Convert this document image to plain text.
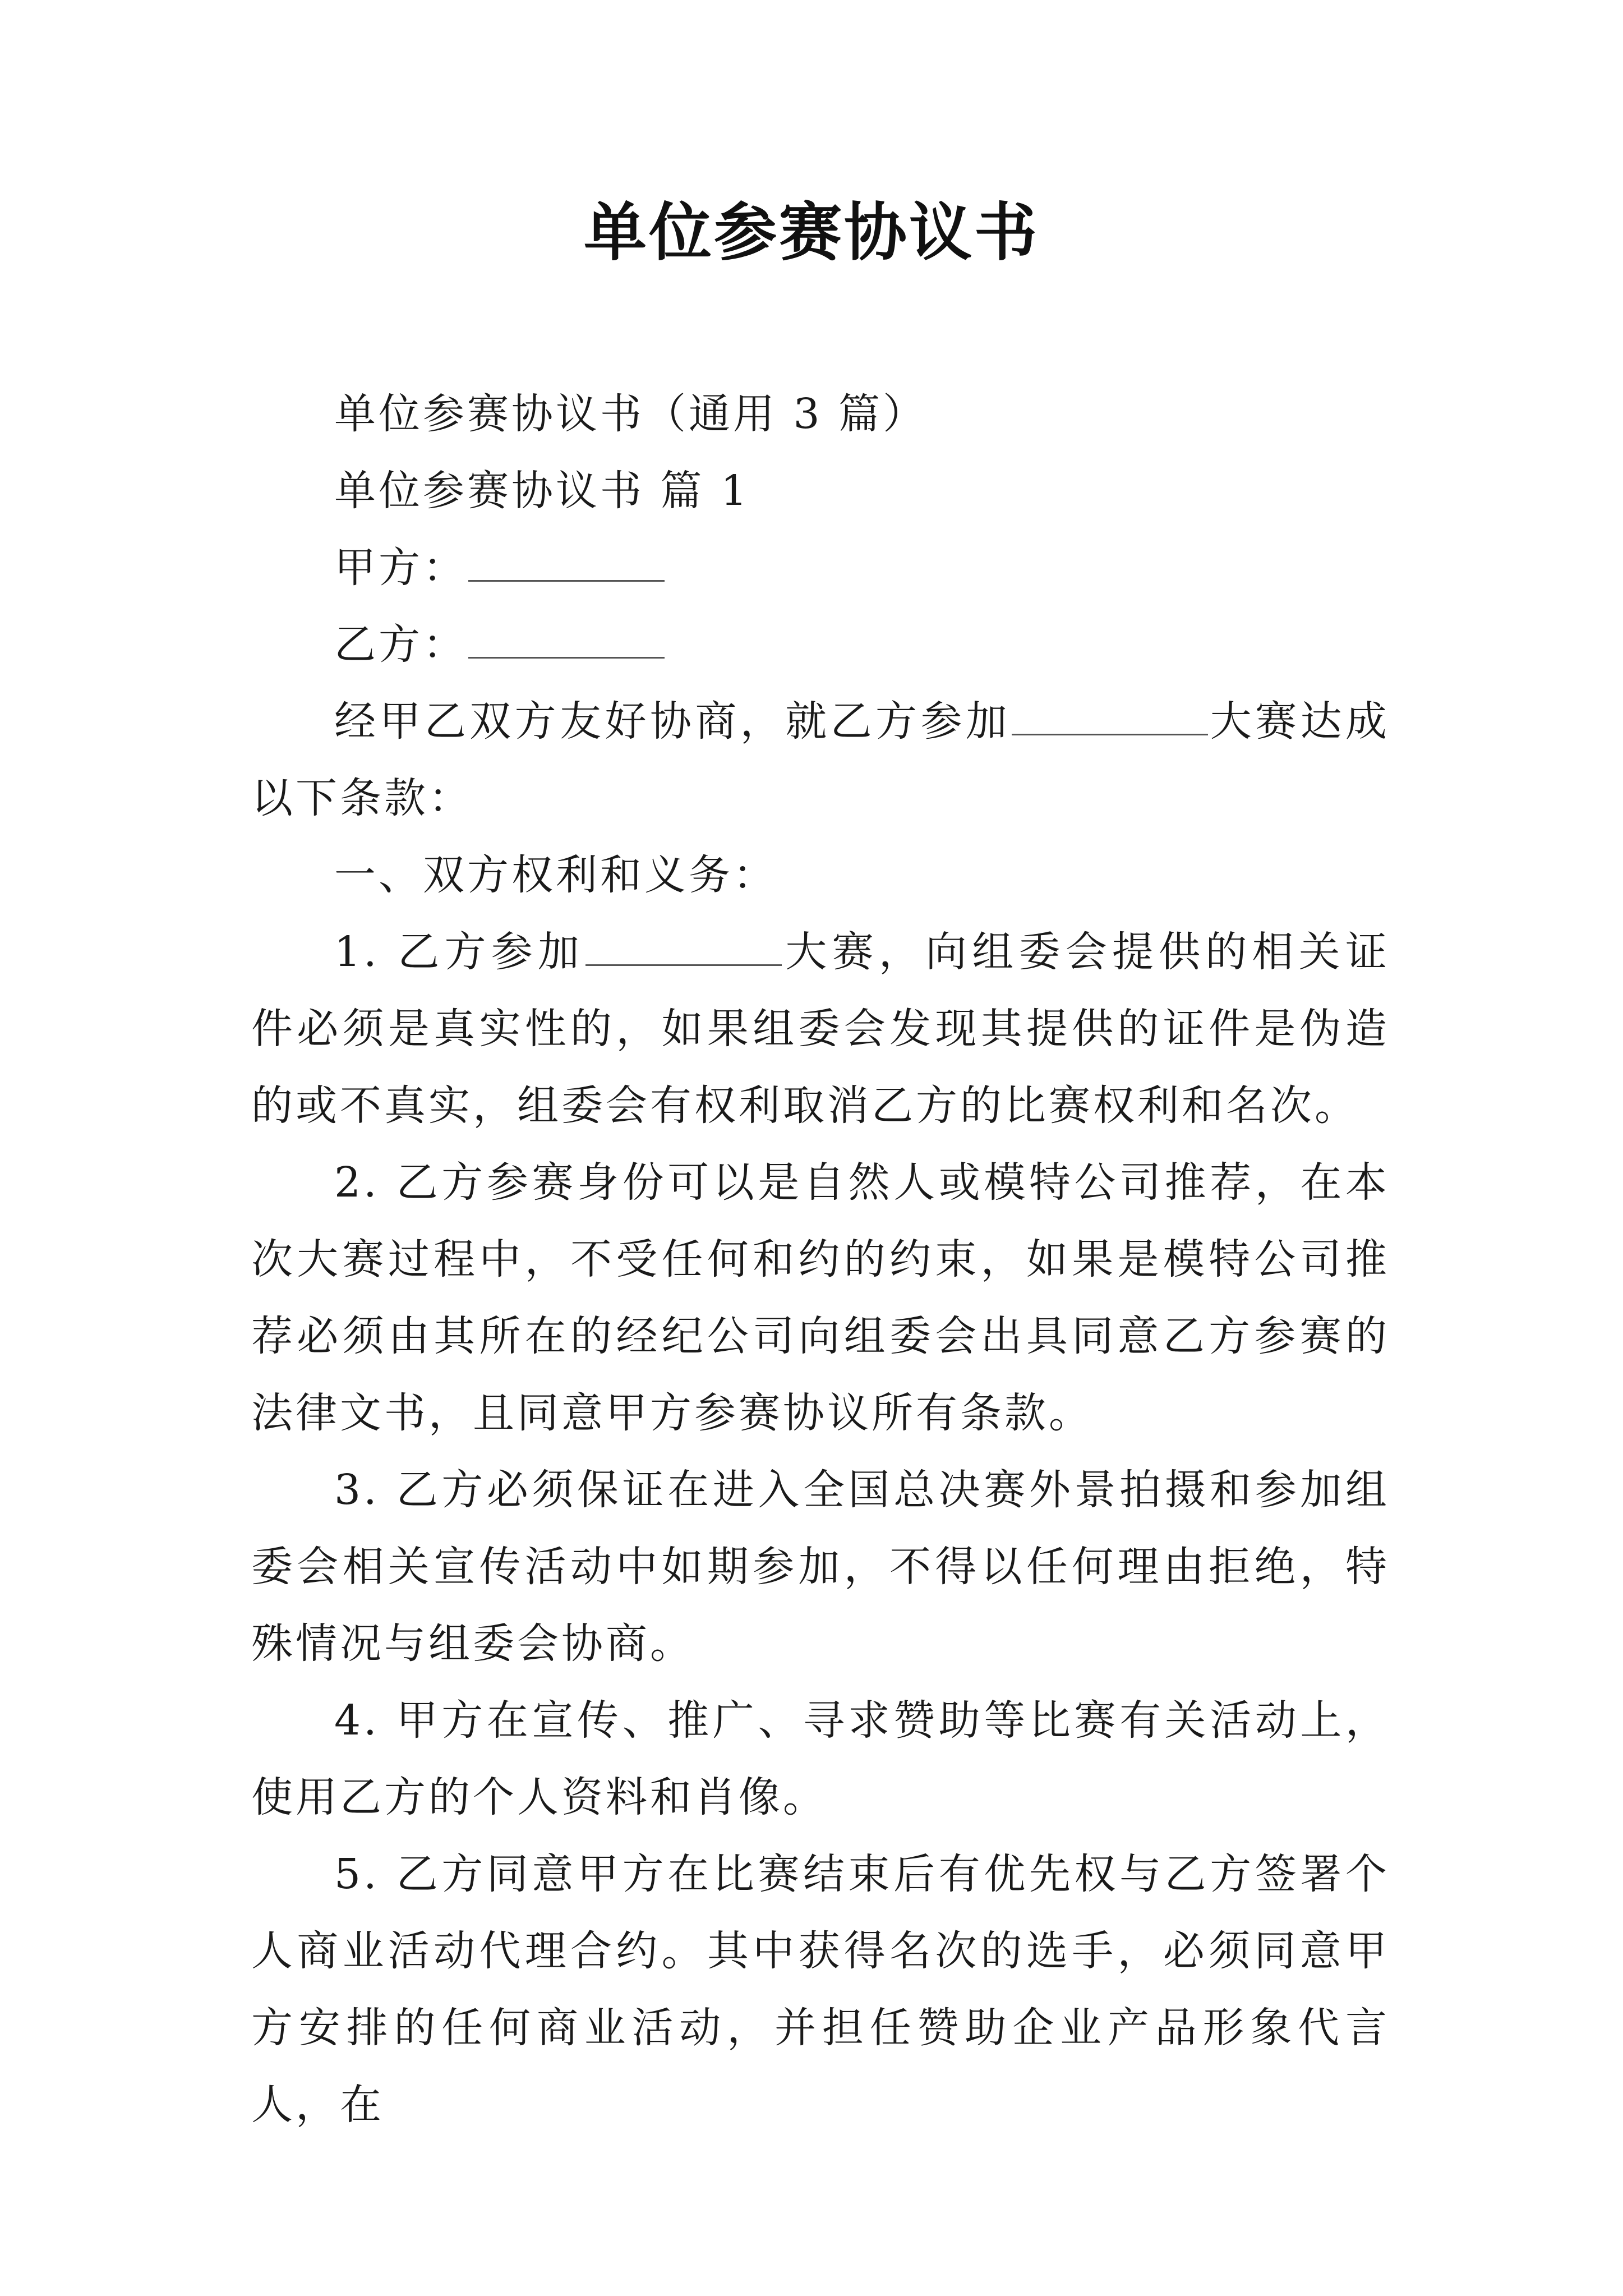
单位参赛协议书

单位参赛协议书（通用 3 篇）

单位参赛协议书 篇 1

甲方：

乙方：

经甲乙双方友好协商，就乙方参加	大赛达成以下条款：

一、双方权利和义务：

1. 乙方参加	大赛，向组委会提供的相关证件必须是真实性的，如果组委会发现其提供的证件是伪造的或不真实，组委会有权利取消乙方的比赛权利和名次。

2. 乙方参赛身份可以是自然人或模特公司推荐，在本次大赛过程中，不受任何和约的约束，如果是模特公司推荐必须由其所在的经纪公司向组委会出具同意乙方参赛的法律文书，且同意甲方参赛协议所有条款。

3. 乙方必须保证在进入全国总决赛外景拍摄和参加组委会相关宣传活动中如期参加，不得以任何理由拒绝，特殊情况与组委会协商。

4. 甲方在宣传、推广、寻求赞助等比赛有关活动上，使用乙方的个人资料和肖像。

5. 乙方同意甲方在比赛结束后有优先权与乙方签署个人商业活动代理合约。其中获得名次的选手，必须同意甲方安排的任何商业活动，并担任赞助企业产品形象代言人，在
